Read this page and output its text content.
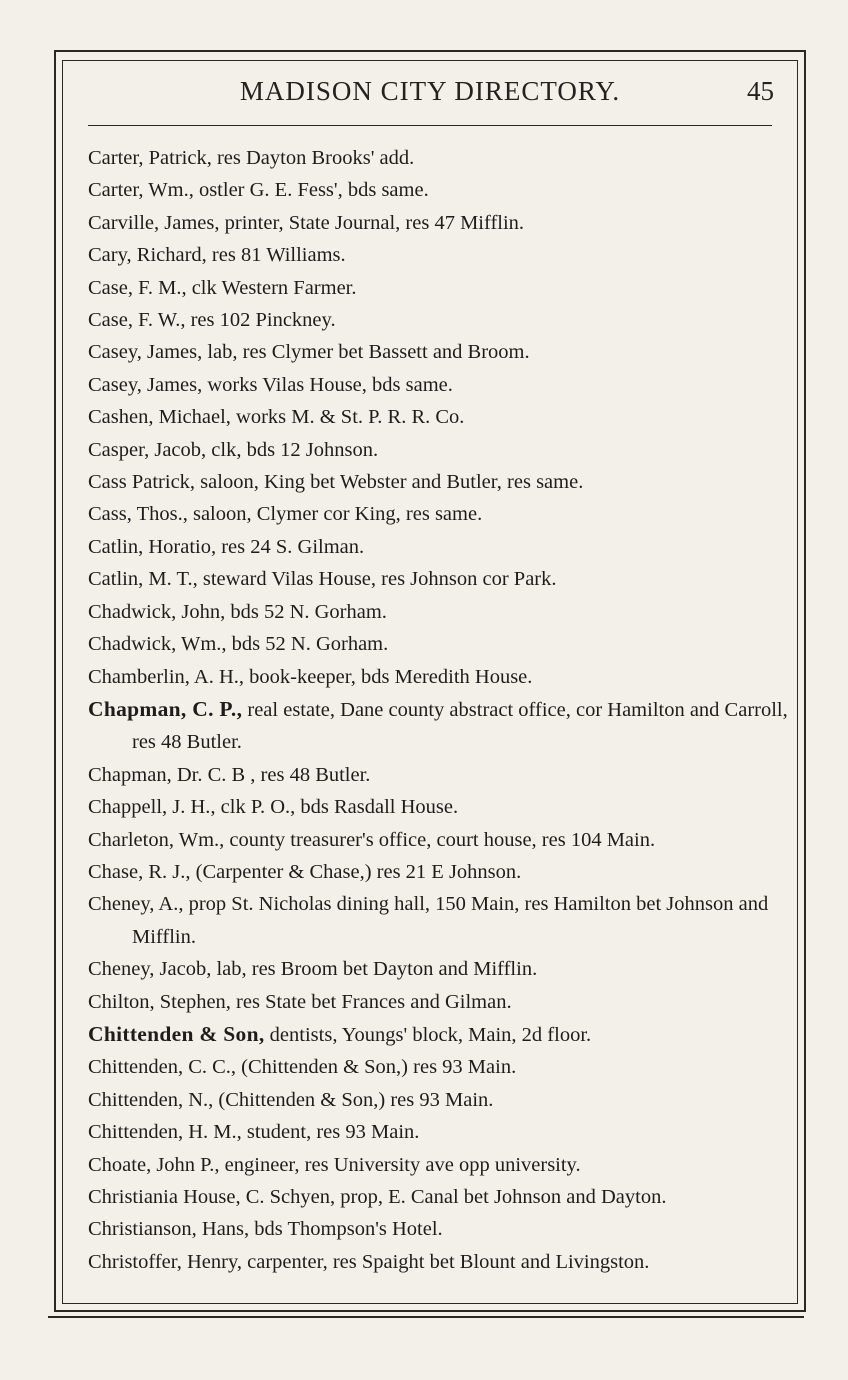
MADISON CITY DIRECTORY.	45
Carter, Patrick, res Dayton Brooks' add.
Carter, Wm., ostler G. E. Fess', bds same.
Carville, James, printer, State Journal, res 47 Mifflin.
Cary, Richard, res 81 Williams.
Case, F. M., clk Western Farmer.
Case, F. W., res 102 Pinckney.
Casey, James, lab, res Clymer bet Bassett and Broom.
Casey, James, works Vilas House, bds same.
Cashen, Michael, works M. & St. P. R. R. Co.
Casper, Jacob, clk, bds 12 Johnson.
Cass Patrick, saloon, King bet Webster and Butler, res same.
Cass, Thos., saloon, Clymer cor King, res same.
Catlin, Horatio, res 24 S. Gilman.
Catlin, M. T., steward Vilas House, res Johnson cor Park.
Chadwick, John, bds 52 N. Gorham.
Chadwick, Wm., bds 52 N. Gorham.
Chamberlin, A. H., book-keeper, bds Meredith House.
Chapman, C. P., real estate, Dane county abstract office, cor Hamilton and Carroll, res 48 Butler.
Chapman, Dr. C. B , res 48 Butler.
Chappell, J. H., clk P. O., bds Rasdall House.
Charleton, Wm., county treasurer's office, court house, res 104 Main.
Chase, R. J., (Carpenter & Chase,) res 21 E Johnson.
Cheney, A., prop St. Nicholas dining hall, 150 Main, res Hamilton bet Johnson and Mifflin.
Cheney, Jacob, lab, res Broom bet Dayton and Mifflin.
Chilton, Stephen, res State bet Frances and Gilman.
Chittenden & Son, dentists, Youngs' block, Main, 2d floor.
Chittenden, C. C., (Chittenden & Son,) res 93 Main.
Chittenden, N., (Chittenden & Son,) res 93 Main.
Chittenden, H. M., student, res 93 Main.
Choate, John P., engineer, res University ave opp university.
Christiania House, C. Schyen, prop, E. Canal bet Johnson and Dayton.
Christianson, Hans, bds Thompson's Hotel.
Christoffer, Henry, carpenter, res Spaight bet Blount and Livingston.
